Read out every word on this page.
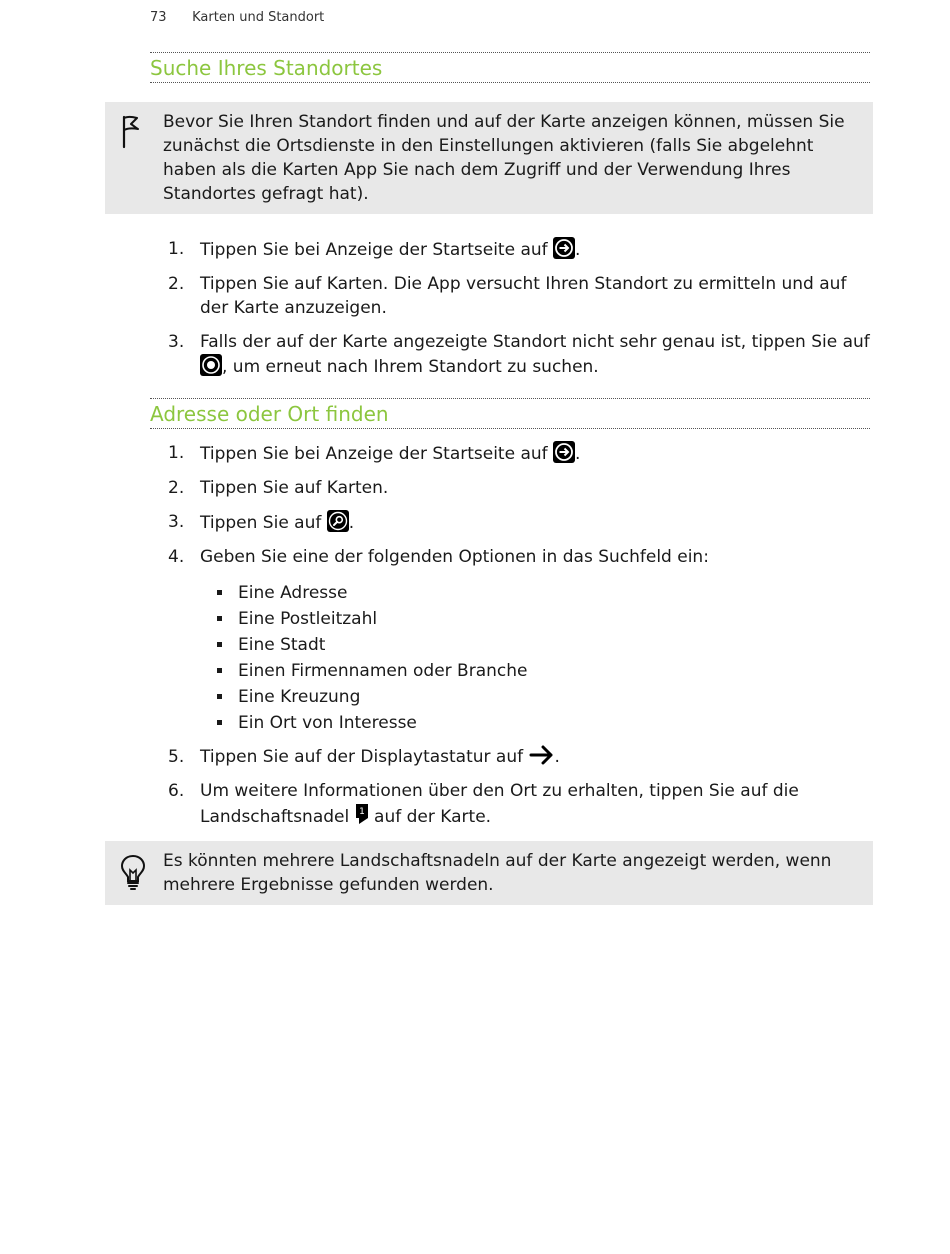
73 Karten und Standort
Suche Ihres Standortes
Bevor Sie Ihren Standort finden und auf der Karte anzeigen können, müssen Sie zunächst die Ortsdienste in den Einstellungen aktivieren (falls Sie abgelehnt haben als die Karten App Sie nach dem Zugriff und der Verwendung Ihres Standortes gefragt hat).
1. Tippen Sie bei Anzeige der Startseite auf
.
2. Tippen Sie auf Karten. Die App versucht Ihren Standort zu ermitteln und auf der Karte anzuzeigen.
3. Falls der auf der Karte angezeigte Standort nicht sehr genau ist, tippen Sie auf

, um erneut nach Ihrem Standort zu suchen.
Adresse oder Ort finden
1. Tippen Sie bei Anzeige der Startseite auf
.
2. Tippen Sie auf Karten.
3. Tippen Sie auf
.
4. Geben Sie eine der folgenden Optionen in das Suchfeld ein:
Eine Adresse
Eine Postleitzahl
Eine Stadt
Einen Firmennamen oder Branche
Eine Kreuzung
Ein Ort von Interesse
5. Tippen Sie auf der Displaytastatur auf .
6. Um weitere Informationen über den Ort zu erhalten, tippen Sie auf die Landschaftsnadel 1 auf der Karte.
Es könnten mehrere Landschaftsnadeln auf der Karte angezeigt werden, wenn mehrere Ergebnisse gefunden werden.
